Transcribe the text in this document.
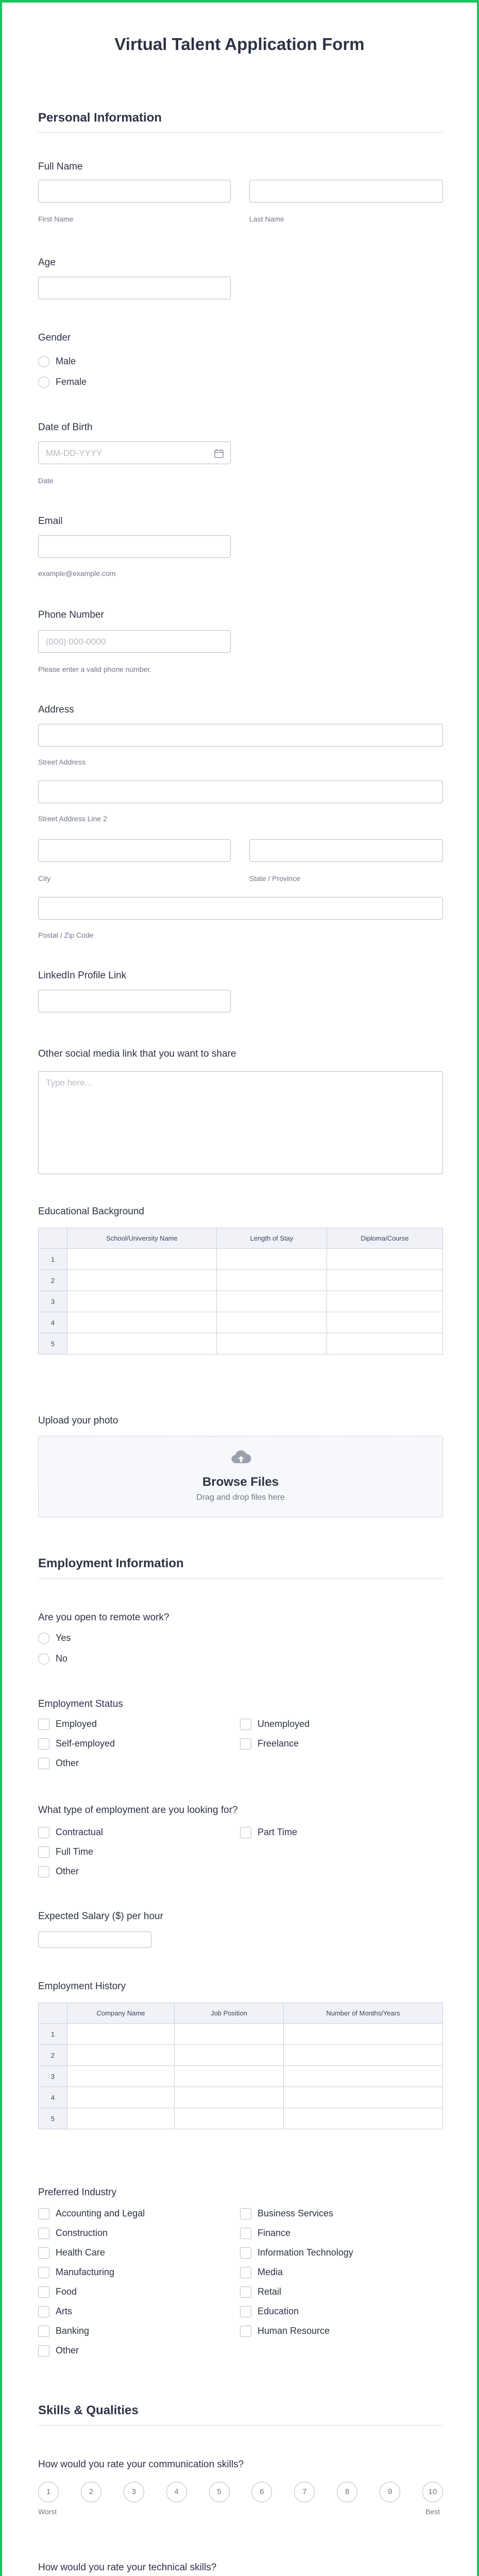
Virtual Talent Application Form
Personal Information
Full Name
First Name	Last Name
Age
Gender
Male
Female
Date of Birth
MM-DD-YYYY
Date
Email
example@example.com
Phone Number
(000) 000-0000
Please enter a valid phone number.
Address
Street Address
Street Address Line 2
City	State / Province
Postal / Zip Code
LinkedIn Profile Link
Other social media link that you want to share
Type here...
Educational Background
	School/University Name	Length of Stay	Diploma/Course
1			
2			
3			
4			
5			
Upload your photo
Browse Files
Drag and drop files here
Employment Information
Are you open to remote work?
Yes
No
Employment Status
Employed
Self-employed
Other
Unemployed
Freelance
What type of employment are you looking for?
Contractual
Full Time
Other
Part Time
Expected Salary ($) per hour
Employment History
	Company Name	Job Position	Number of Months/Years
1			
2			
3			
4			
5			
Preferred Industry
Accounting and Legal
Construction
Health Care
Manufacturing
Food
Arts
Banking
Other
Business Services
Finance
Information Technology
Media
Retail
Education
Human Resource
Skills & Qualities
How would you rate your communication skills?
1	2	3	4	5	6	7	8	9	10
Worst	Best
How would you rate your technical skills?
